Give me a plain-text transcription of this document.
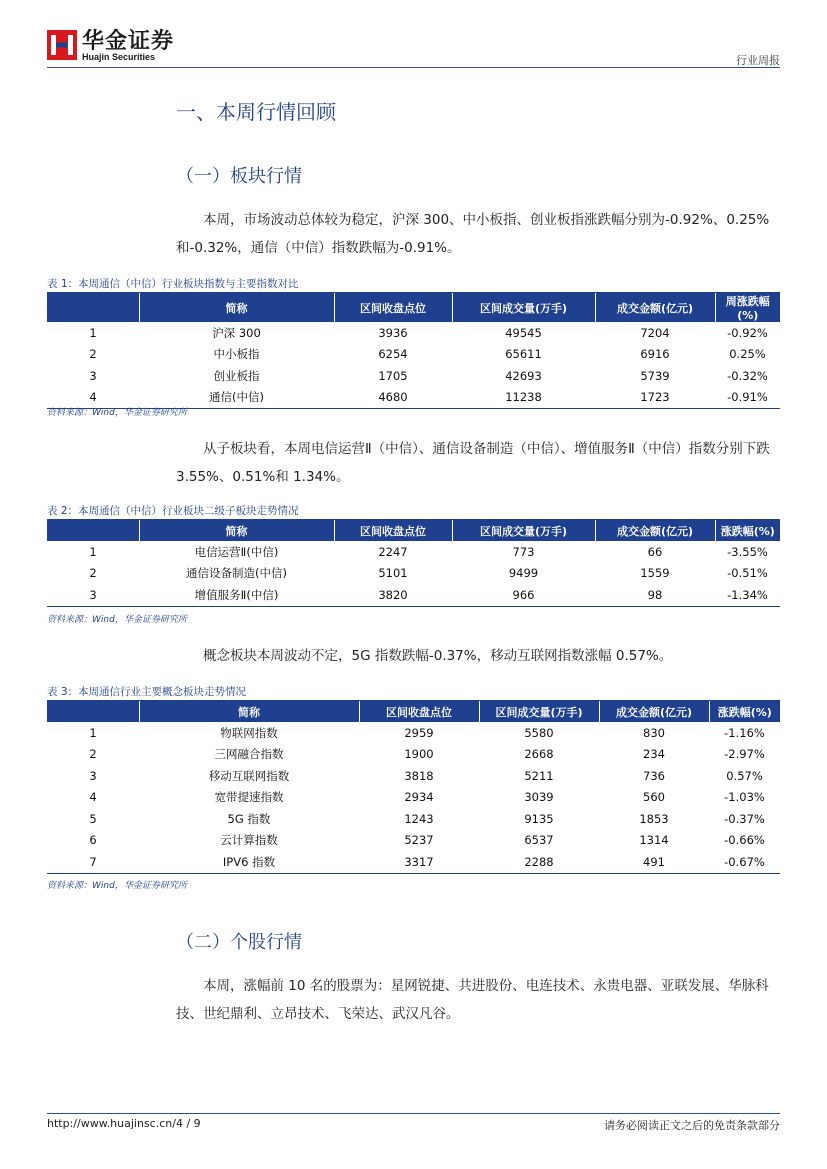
华金证券
Huajin Securities	行业周报
一、本周行情回顾
（一）板块行情

本周，市场波动总体较为稳定，沪深 300、中小板指、创业板指涨跌幅分别为-0.92%、0.25%和-0.32%，通信（中信）指数跌幅为-0.91%。

表 1：本周通信（中信）行业板块指数与主要指数对比
	简称	区间收盘点位	区间成交量(万手)	成交金额(亿元)	周涨跌幅(%)
1	沪深 300	3936	49545	7204	-0.92%
2	中小板指	6254	65611	6916	0.25%
3	创业板指	1705	42693	5739	-0.32%
4	通信(中信)	4680	11238	1723	-0.91%
资料来源：Wind，华金证券研究所

从子板块看，本周电信运营Ⅱ（中信）、通信设备制造（中信）、增值服务Ⅱ（中信）指数分别下跌 3.55%、0.51%和 1.34%。

表 2：本周通信（中信）行业板块二级子板块走势情况
	简称	区间收盘点位	区间成交量(万手)	成交金额(亿元)	涨跌幅(%)
1	电信运营Ⅱ(中信)	2247	773	66	-3.55%
2	通信设备制造(中信)	5101	9499	1559	-0.51%
3	增值服务Ⅱ(中信)	3820	966	98	-1.34%
资料来源：Wind，华金证券研究所

概念板块本周波动不定，5G 指数跌幅-0.37%，移动互联网指数涨幅 0.57%。

表 3：本周通信行业主要概念板块走势情况
	简称	区间收盘点位	区间成交量(万手)	成交金额(亿元)	涨跌幅(%)
1	物联网指数	2959	5580	830	-1.16%
2	三网融合指数	1900	2668	234	-2.97%
3	移动互联网指数	3818	5211	736	0.57%
4	宽带提速指数	2934	3039	560	-1.03%
5	5G 指数	1243	9135	1853	-0.37%
6	云计算指数	5237	6537	1314	-0.66%
7	IPV6 指数	3317	2288	491	-0.67%
资料来源：Wind，华金证券研究所
（二）个股行情

本周，涨幅前 10 名的股票为：星网锐捷、共进股份、电连技术、永贵电器、亚联发展、华脉科技、世纪鼎利、立昂技术、飞荣达、武汉凡谷。

http://www.huajinsc.cn/4 / 9	请务必阅读正文之后的免责条款部分
